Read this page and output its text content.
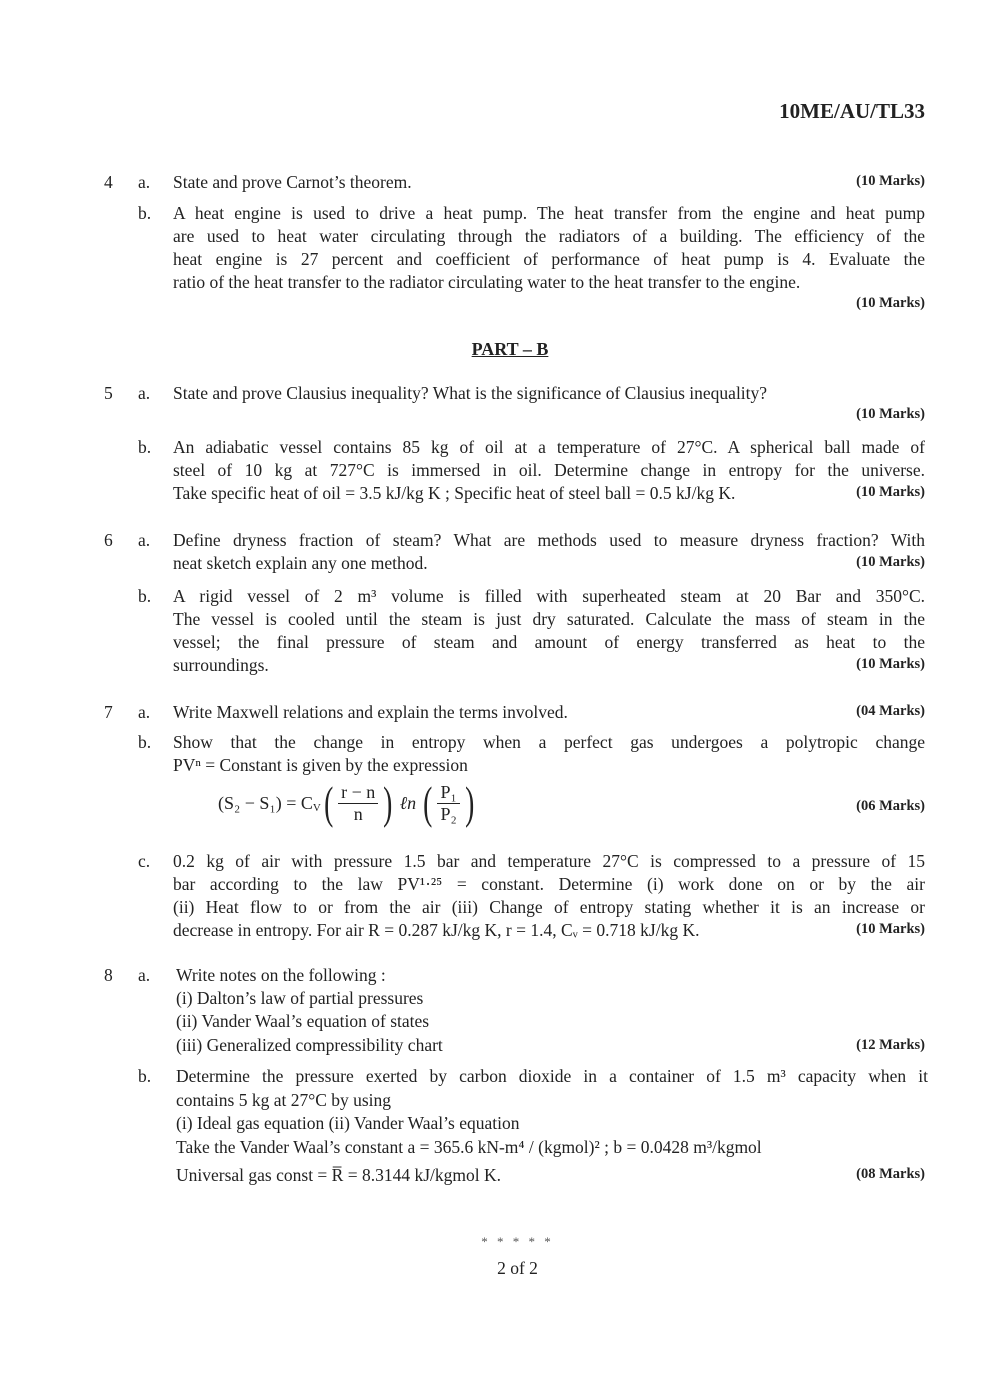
10ME/AU/TL33
PART – B
$(S_2 - S_1) = C_V$ ( $\frac{r - n}{n}$ ) ℓn ( $\frac{\text{P₁}}{\text{P₂}}$ )
* * * * *
2 of 2
4 a. State and prove Carnot’s theorem.	(10 Marks)
b. A heat engine is used to drive a heat pump. The heat transfer from the engine and heat pump
are used to heat water circulating through the radiators of a building. The efficiency of the
heat engine is 27 percent and coefficient of performance of heat pump is 4. Evaluate the
ratio of the heat transfer to the radiator circulating water to the heat transfer to the engine.
(10 Marks)
5 a. State and prove Clausius inequality? What is the significance of Clausius inequality?
(10 Marks)
b. An adiabatic vessel contains 85 kg of oil at a temperature of 27°C. A spherical ball made of
steel of 10 kg at 727°C is immersed in oil. Determine change in entropy for the universe.
Take specific heat of oil = 3.5 kJ/kg K ; Specific heat of steel ball = 0.5 kJ/kg K.	(10 Marks)
6 a. Define dryness fraction of steam? What are methods used to measure dryness fraction? With
neat sketch explain any one method.	(10 Marks)
b. A rigid vessel of 2 m³ volume is filled with superheated steam at 20 Bar and 350°C.
The vessel is cooled until the steam is just dry saturated. Calculate the mass of steam in the
vessel; the final pressure of steam and amount of energy transferred as heat to the
surroundings.	(10 Marks)
7 a. Write Maxwell relations and explain the terms involved.	(04 Marks)
b. Show that the change in entropy when a perfect gas undergoes a polytropic change
PVⁿ = Constant is given by the expression
(06 Marks)
c. 0.2 kg of air with pressure 1.5 bar and temperature 27°C is compressed to a pressure of 15
bar according to the law PV¹·²⁵ = constant. Determine (i) work done on or by the air
(ii) Heat flow to or from the air (iii) Change of entropy stating whether it is an increase or
decrease in entropy. For air R = 0.287 kJ/kg K, r = 1.4, Cᵥ = 0.718 kJ/kg K.	(10 Marks)
8 a. Write notes on the following :
(i) Dalton’s law of partial pressures
(ii) Vander Waal’s equation of states
(iii) Generalized compressibility chart	(12 Marks)
b. Determine the pressure exerted by carbon dioxide in a container of 1.5 m³ capacity when it
contains 5 kg at 27°C by using
(i) Ideal gas equation (ii) Vander Waal’s equation
Take the Vander Waal’s constant a = 365.6 kN-m⁴ / (kgmol)² ; b = 0.0428 m³/kgmol
Universal gas const = R̅ = 8.3144 kJ/kgmol K.	(08 Marks)
